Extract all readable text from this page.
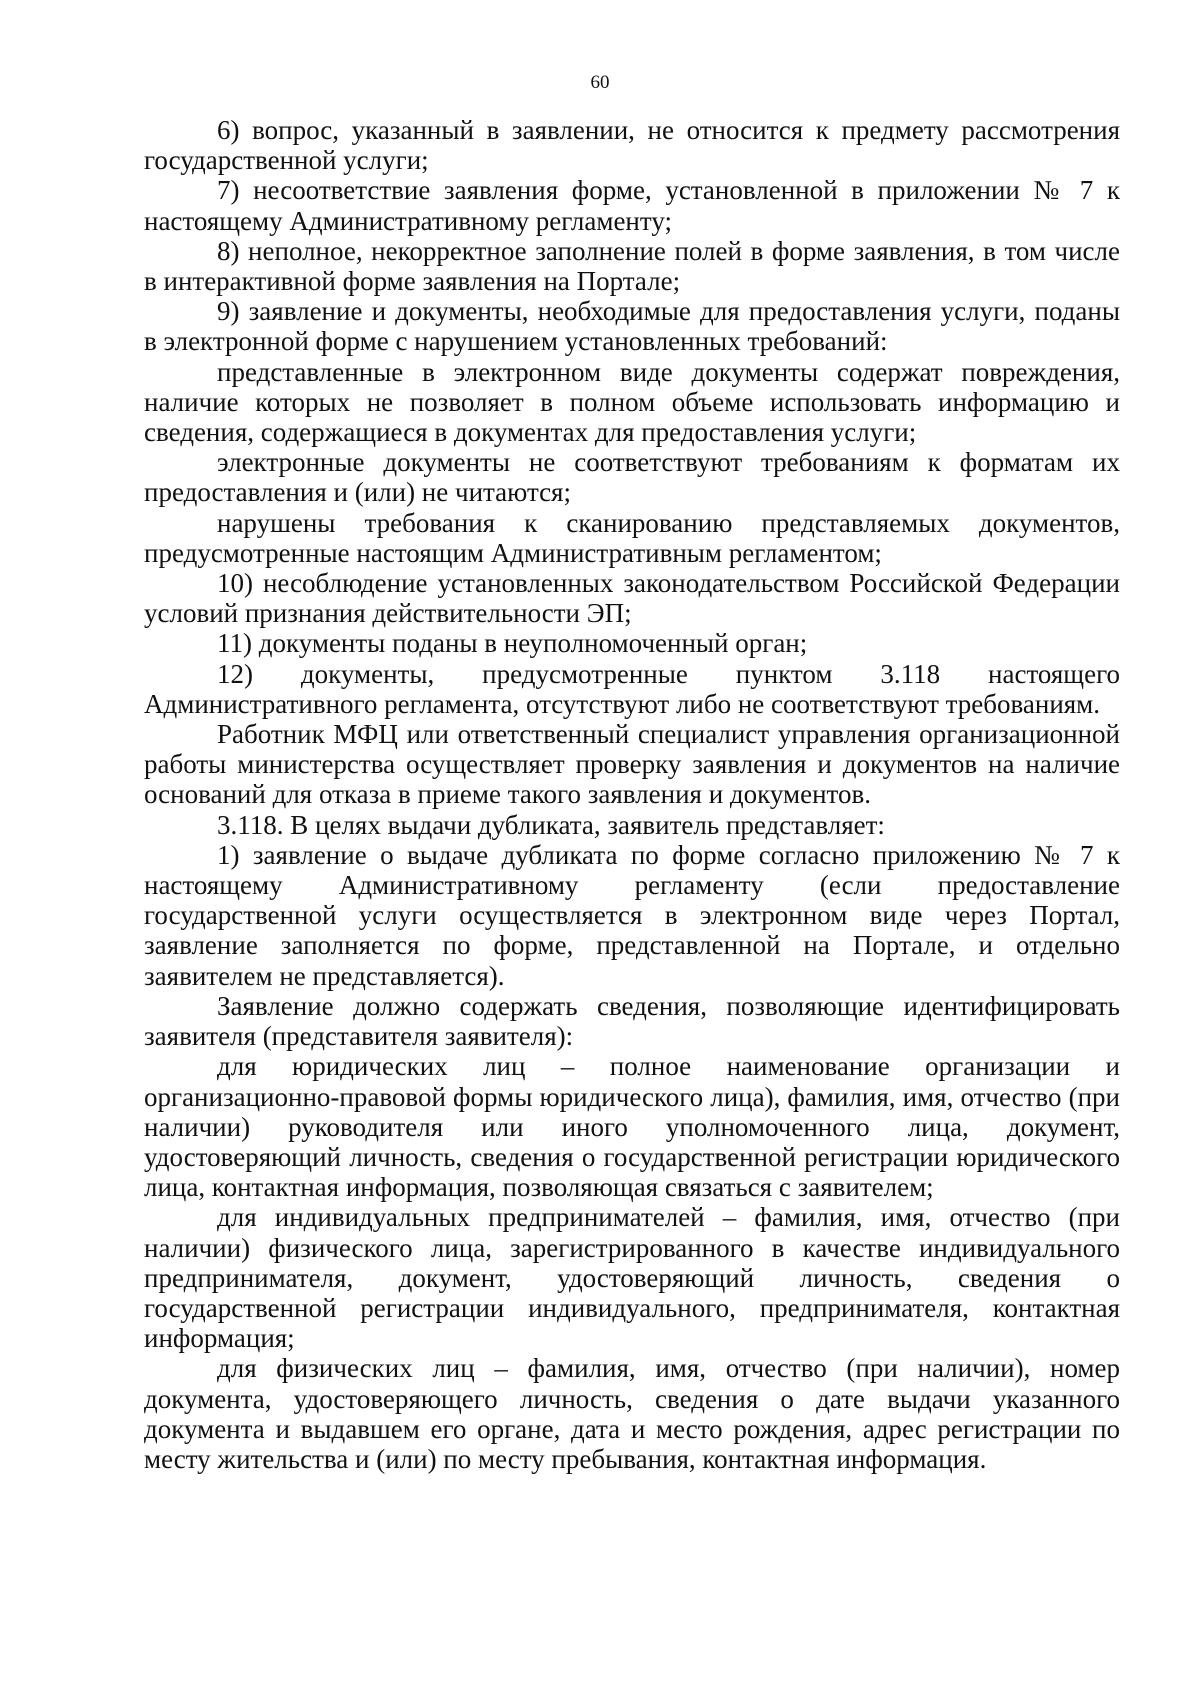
60

6) вопрос, указанный в заявлении, не относится к предмету рассмотрения государственной услуги;

7) несоответствие заявления форме, установленной в приложении № 7 к настоящему Административному регламенту;

8) неполное, некорректное заполнение полей в форме заявления, в том числе в интерактивной форме заявления на Портале;

9) заявление и документы, необходимые для предоставления услуги, поданы в электронной форме с нарушением установленных требований:

представленные в электронном виде документы содержат повреждения, наличие которых не позволяет в полном объеме использовать информацию и сведения, содержащиеся в документах для предоставления услуги;

электронные документы не соответствуют требованиям к форматам их предоставления и (или) не читаются;

нарушены требования к сканированию представляемых документов, предусмотренные настоящим Административным регламентом;

10) несоблюдение установленных законодательством Российской Федерации условий признания действительности ЭП;

11) документы поданы в неуполномоченный орган;

12) документы, предусмотренные пунктом 3.118 настоящего Административного регламента, отсутствуют либо не соответствуют требованиям.

Работник МФЦ или ответственный специалист управления организационной работы министерства осуществляет проверку заявления и документов на наличие оснований для отказа в приеме такого заявления и документов.

3.118. В целях выдачи дубликата, заявитель представляет:

1) заявление о выдаче дубликата по форме согласно приложению № 7 к настоящему Административному регламенту (если предоставление государственной услуги осуществляется в электронном виде через Портал, заявление заполняется по форме, представленной на Портале, и отдельно заявителем не представляется).

Заявление должно содержать сведения, позволяющие идентифицировать заявителя (представителя заявителя):

для юридических лиц – полное наименование организации и организационно-правовой формы юридического лица), фамилия, имя, отчество (при наличии) руководителя или иного уполномоченного лица, документ, удостоверяющий личность, сведения о государственной регистрации юридического лица, контактная информация, позволяющая связаться с заявителем;

для индивидуальных предпринимателей – фамилия, имя, отчество (при наличии) физического лица, зарегистрированного в качестве индивидуального предпринимателя, документ, удостоверяющий личность, сведения о государственной регистрации индивидуального, предпринимателя, контактная информация;

для физических лиц – фамилия, имя, отчество (при наличии), номер документа, удостоверяющего личность, сведения о дате выдачи указанного документа и выдавшем его органе, дата и место рождения, адрес регистрации по месту жительства и (или) по месту пребывания, контактная информация.
